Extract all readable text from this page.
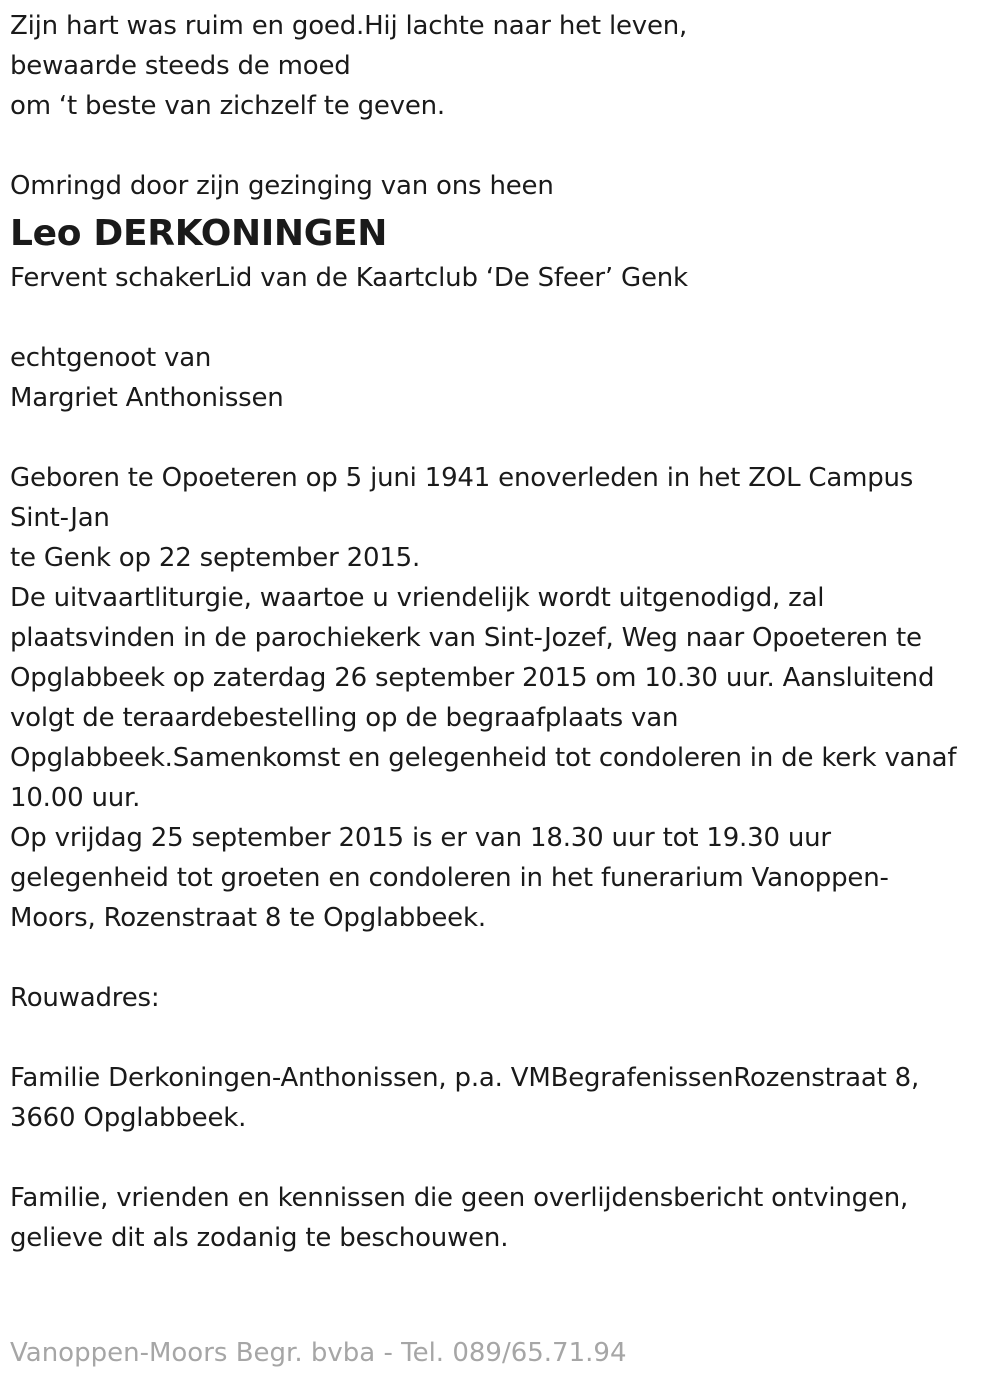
Zijn hart was ruim en goed.Hij lachte naar het leven,
bewaarde steeds de moed
om ‘t beste van zichzelf te geven.
Omringd door zijn gezinging van ons heen
Leo DERKONINGEN
Fervent schakerLid van de Kaartclub ‘De Sfeer’ Genk
echtgenoot van
Margriet Anthonissen
Geboren te Opoeteren op 5 juni 1941 enoverleden in het ZOL Campus
Sint-Jan
te Genk op 22 september 2015.
De uitvaartliturgie, waartoe u vriendelijk wordt uitgenodigd, zal
plaatsvinden in de parochiekerk van Sint-Jozef, Weg naar Opoeteren te
Opglabbeek op zaterdag 26 september 2015 om 10.30 uur. Aansluitend
volgt de teraardebestelling op de begraafplaats van
Opglabbeek.Samenkomst en gelegenheid tot condoleren in de kerk vanaf
10.00 uur.
Op vrijdag 25 september 2015 is er van 18.30 uur tot 19.30 uur
gelegenheid tot groeten en condoleren in het funerarium Vanoppen-
Moors, Rozenstraat 8 te Opglabbeek.
Rouwadres:
Familie Derkoningen-Anthonissen, p.a. VMBegrafenissenRozenstraat 8,
3660 Opglabbeek.
Familie, vrienden en kennissen die geen overlijdensbericht ontvingen,
gelieve dit als zodanig te beschouwen.
Vanoppen-Moors Begr. bvba - Tel. 089/65.71.94
